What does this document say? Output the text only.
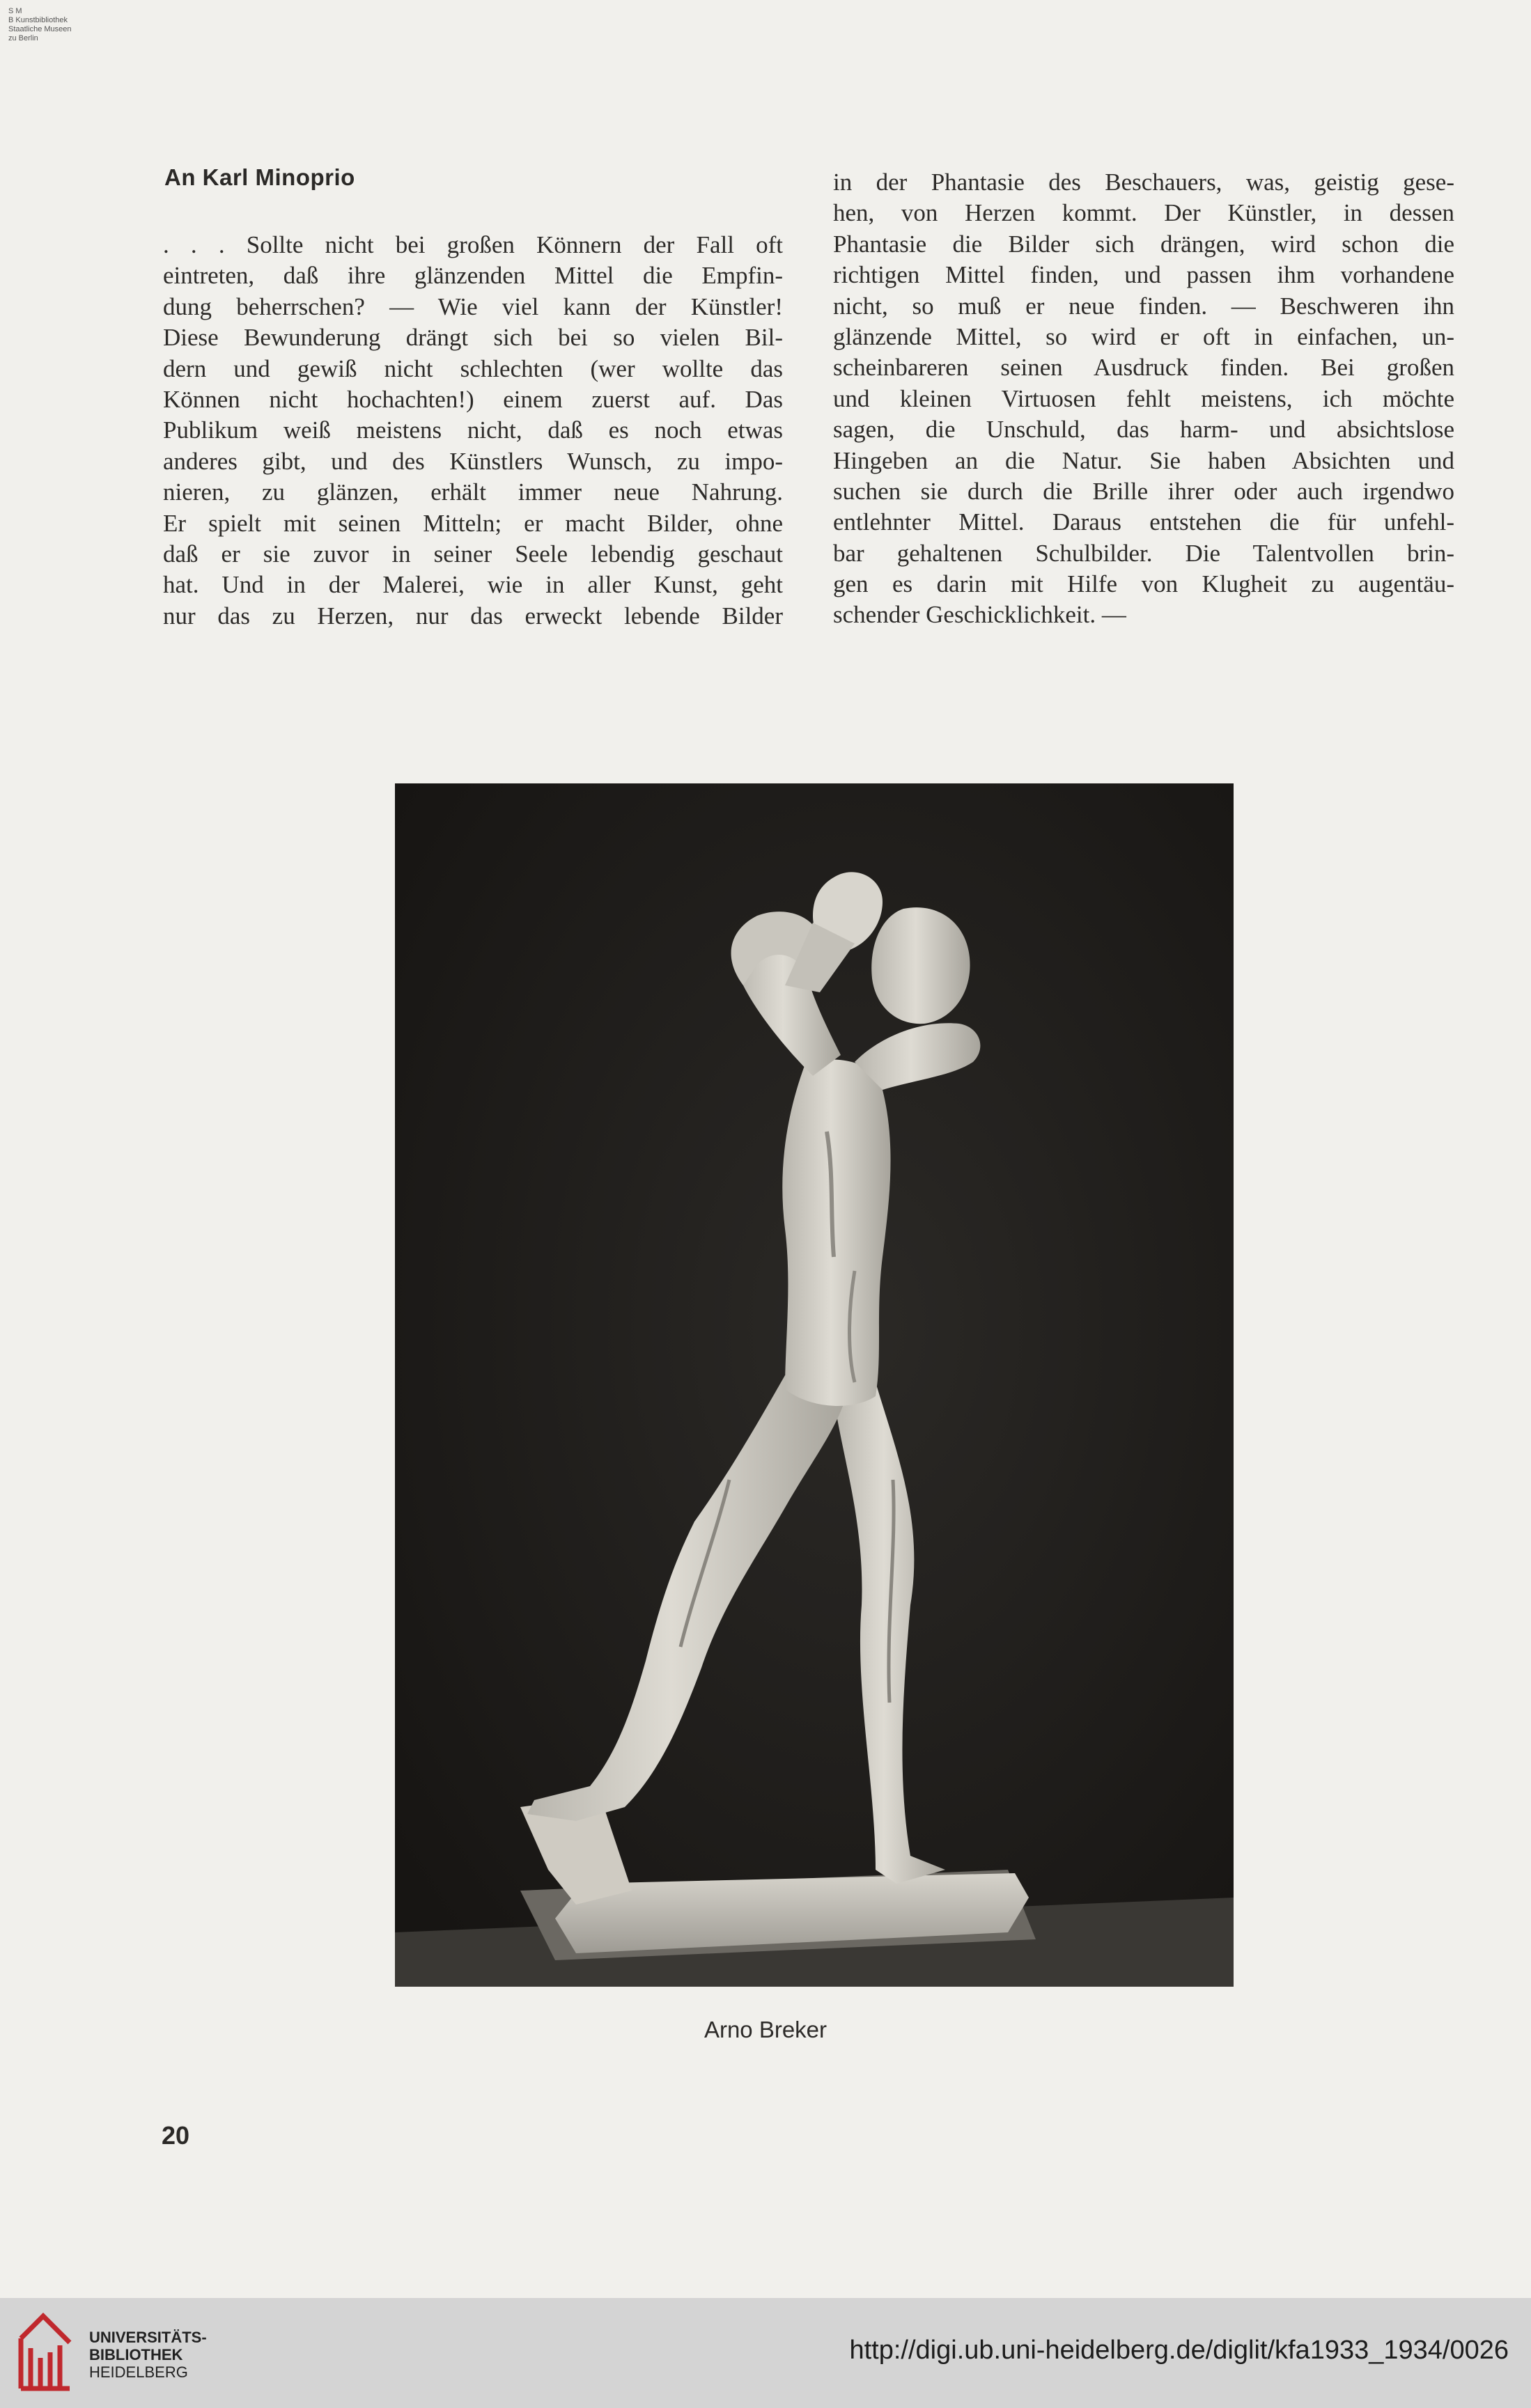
S M
B Kunstbibliothek
Staatliche Museen
zu Berlin
An Karl Minoprio
. . . Sollte nicht bei großen Könnern der Fall oft
eintreten, daß ihre glänzenden Mittel die Empfin-
dung beherrschen? — Wie viel kann der Künstler!
Diese Bewunderung drängt sich bei so vielen Bil-
dern und gewiß nicht schlechten (wer wollte das
Können nicht hochachten!) einem zuerst auf. Das
Publikum weiß meistens nicht, daß es noch etwas
anderes gibt, und des Künstlers Wunsch, zu impo-
nieren, zu glänzen, erhält immer neue Nahrung.
Er spielt mit seinen Mitteln; er macht Bilder, ohne
daß er sie zuvor in seiner Seele lebendig geschaut
hat. Und in der Malerei, wie in aller Kunst, geht
nur das zu Herzen, nur das erweckt lebende Bilder
in der Phantasie des Beschauers, was, geistig gese-
hen, von Herzen kommt. Der Künstler, in dessen
Phantasie die Bilder sich drängen, wird schon die
richtigen Mittel finden, und passen ihm vorhandene
nicht, so muß er neue finden. — Beschweren ihn
glänzende Mittel, so wird er oft in einfachen, un-
scheinbareren seinen Ausdruck finden. Bei großen
und kleinen Virtuosen fehlt meistens, ich möchte
sagen, die Unschuld, das harm- und absichtslose
Hingeben an die Natur. Sie haben Absichten und
suchen sie durch die Brille ihrer oder auch irgendwo
entlehnter Mittel. Daraus entstehen die für unfehl-
bar gehaltenen Schulbilder. Die Talentvollen brin-
gen es darin mit Hilfe von Klugheit zu augentäu-
schender Geschicklichkeit. —
Arno Breker
20
UNIVERSITÄTS-
BIBLIOTHEK
HEIDELBERG
http://digi.ub.uni-heidelberg.de/diglit/kfa1933_1934/0026
